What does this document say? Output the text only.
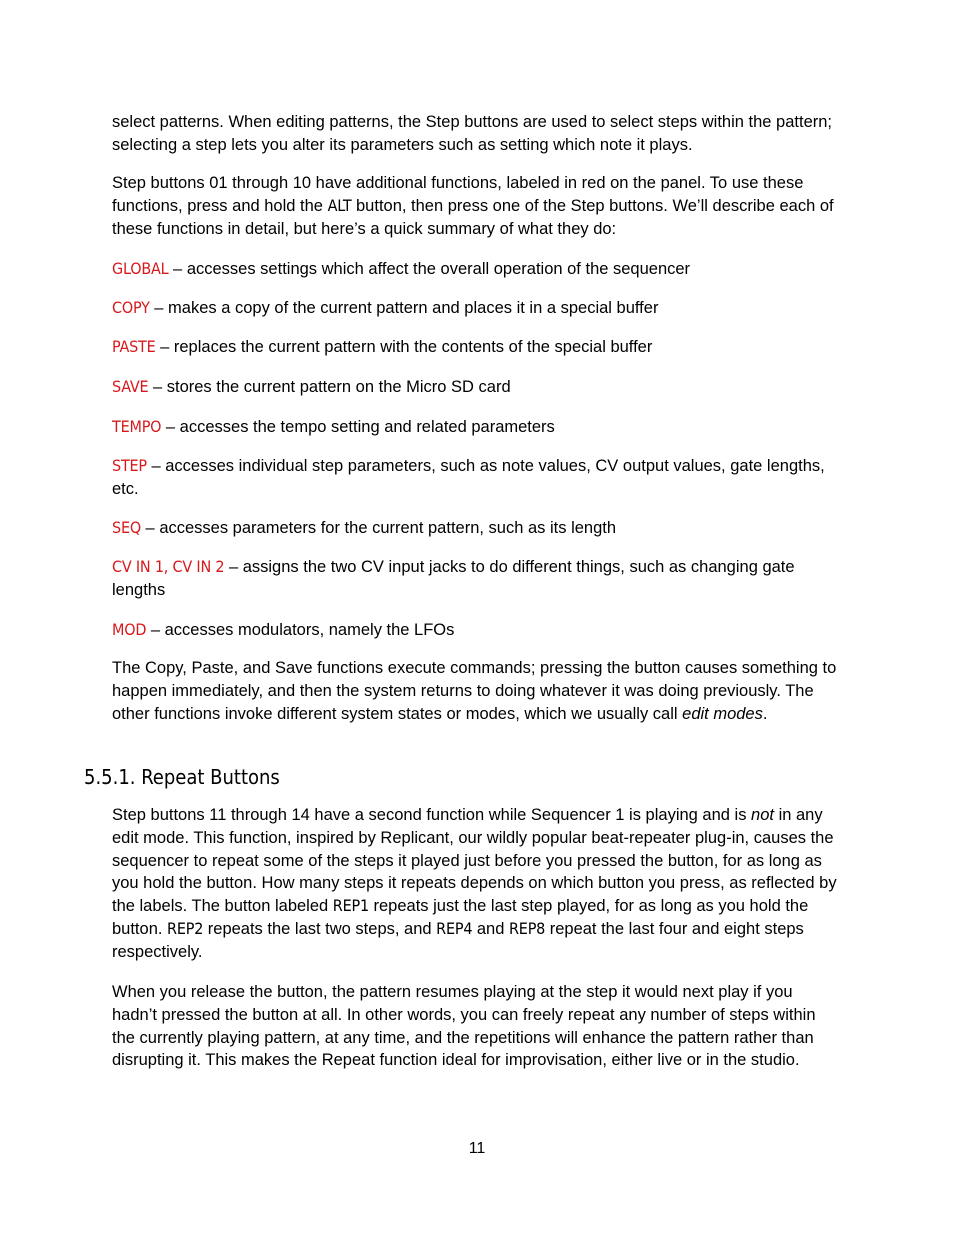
select patterns. When editing patterns, the Step buttons are used to select steps within the pattern; selecting a step lets you alter its parameters such as setting which note it plays.

Step buttons 01 through 10 have additional functions, labeled in red on the panel. To use these functions, press and hold the ALT button, then press one of the Step buttons. We’ll describe each of these functions in detail, but here’s a quick summary of what they do:

GLOBAL – accesses settings which affect the overall operation of the sequencer

COPY – makes a copy of the current pattern and places it in a special buffer

PASTE – replaces the current pattern with the contents of the special buffer

SAVE – stores the current pattern on the Micro SD card

TEMPO – accesses the tempo setting and related parameters

STEP – accesses individual step parameters, such as note values, CV output values, gate lengths, etc.

SEQ – accesses parameters for the current pattern, such as its length

CV IN 1, CV IN 2 – assigns the two CV input jacks to do different things, such as changing gate lengths

MOD – accesses modulators, namely the LFOs

The Copy, Paste, and Save functions execute commands; pressing the button causes something to happen immediately, and then the system returns to doing whatever it was doing previously. The other functions invoke different system states or modes, which we usually call edit modes.

5.5.1. Repeat Buttons

Step buttons 11 through 14 have a second function while Sequencer 1 is playing and is not in any edit mode. This function, inspired by Replicant, our wildly popular beat-repeater plug-in, causes the sequencer to repeat some of the steps it played just before you pressed the button, for as long as you hold the button. How many steps it repeats depends on which button you press, as reflected by the labels. The button labeled REP1 repeats just the last step played, for as long as you hold the button. REP2 repeats the last two steps, and REP4 and REP8 repeat the last four and eight steps respectively.

When you release the button, the pattern resumes playing at the step it would next play if you hadn’t pressed the button at all. In other words, you can freely repeat any number of steps within the currently playing pattern, at any time, and the repetitions will enhance the pattern rather than disrupting it. This makes the Repeat function ideal for improvisation, either live or in the studio.

11
